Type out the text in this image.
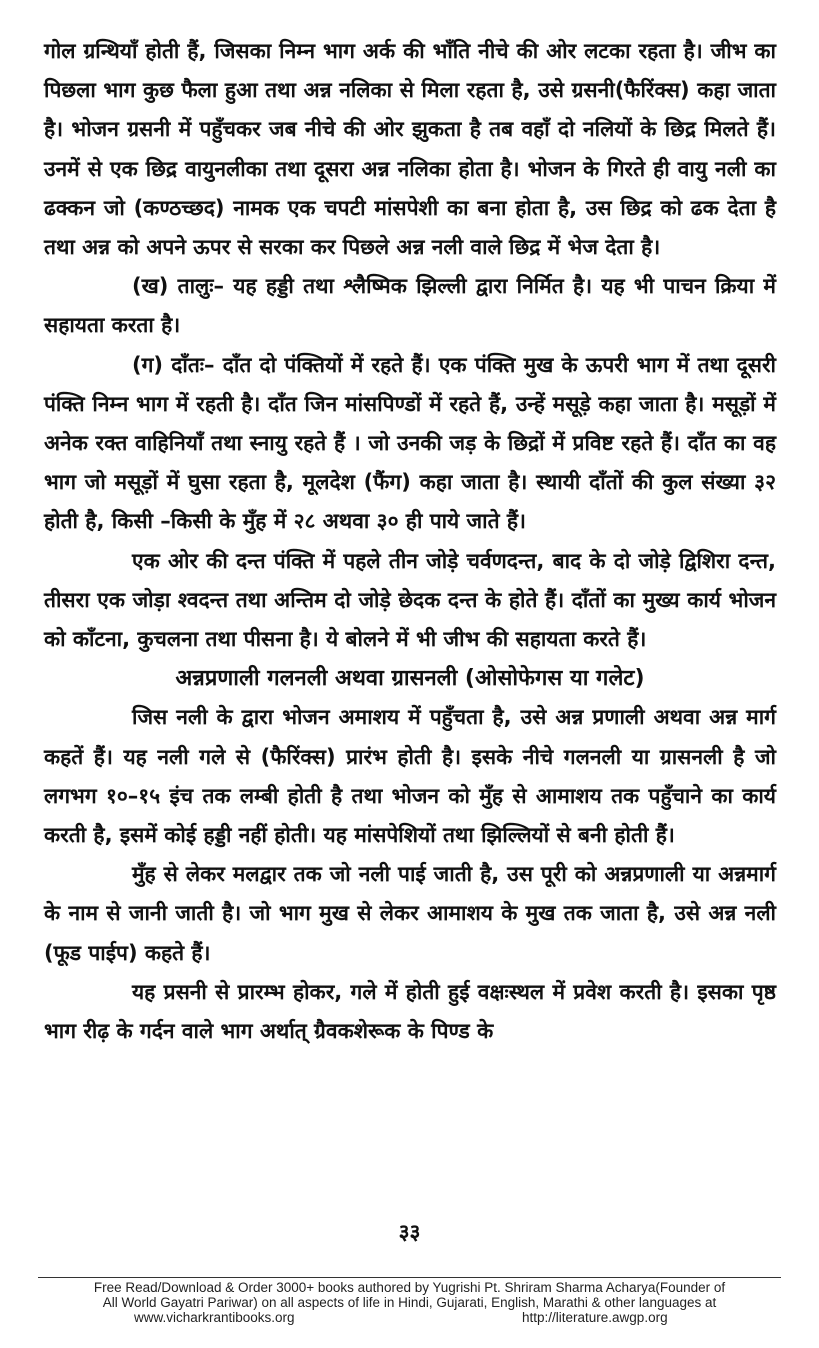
गोल ग्रन्थियाँ होती हैं, जिसका निम्न भाग अर्क की भाँति नीचे की ओर लटका रहता है। जीभ का पिछला भाग कुछ फैला हुआ तथा अन्न नलिका से मिला रहता है, उसे ग्रसनी(फैरिंक्स) कहा जाता है। भोजन ग्रसनी में पहुँचकर जब नीचे की ओर झुकता है तब वहाँ दो नलियों के छिद्र मिलते हैं। उनमें से एक छिद्र वायुनलीका तथा दूसरा अन्न नलिका होता है। भोजन के गिरते ही वायु नली का ढक्कन जो (कण्ठच्छद) नामक एक चपटी मांसपेशी का बना होता है, उस छिद्र को ढक देता है तथा अन्न को अपने ऊपर से सरका कर पिछले अन्न नली वाले छिद्र में भेज देता है।

(ख) तालुः– यह हड्डी तथा श्लैष्मिक झिल्ली द्वारा निर्मित है। यह भी पाचन क्रिया में सहायता करता है।

(ग) दाँतः– दाँत दो पंक्तियों में रहते हैं। एक पंक्ति मुख के ऊपरी भाग में तथा दूसरी पंक्ति निम्न भाग में रहती है। दाँत जिन मांसपिण्डों में रहते हैं, उन्हें मसूड़े कहा जाता है। मसूड़ों में अनेक रक्त वाहिनियाँ तथा स्नायु रहते हैं । जो उनकी जड़ के छिद्रों में प्रविष्ट रहते हैं। दाँत का वह भाग जो मसूड़ों में घुसा रहता है, मूलदेश (फैंग) कहा जाता है। स्थायी दाँतों की कुल संख्या ३२ होती है, किसी –किसी के मुँह में २८ अथवा ३० ही पाये जाते हैं।

एक ओर की दन्त पंक्ति में पहले तीन जोड़े चर्वणदन्त, बाद के दो जोड़े द्विशिरा दन्त, तीसरा एक जोड़ा श्वदन्त तथा अन्तिम दो जोड़े छेदक दन्त के होते हैं। दाँतों का मुख्य कार्य भोजन को काँटना, कुचलना तथा पीसना है। ये बोलने में भी जीभ की सहायता करते हैं।

अन्नप्रणाली गलनली अथवा ग्रासनली (ओसोफेगस या गलेट)

जिस नली के द्वारा भोजन अमाशय में पहुँचता है, उसे अन्न प्रणाली अथवा अन्न मार्ग कहतें हैं। यह नली गले से (फैरिंक्स) प्रारंभ होती है। इसके नीचे गलनली या ग्रासनली है जो लगभग १०–१५ इंच तक लम्बी होती है तथा भोजन को मुँह से आमाशय तक पहुँचाने का कार्य करती है, इसमें कोई हड्डी नहीं होती। यह मांसपेशियों तथा झिल्लियों से बनी होती हैं।

मुँह से लेकर मलद्वार तक जो नली पाई जाती है, उस पूरी को अन्नप्रणाली या अन्नमार्ग के नाम से जानी जाती है। जो भाग मुख से लेकर आमाशय के मुख तक जाता है, उसे अन्न नली (फूड पाईप) कहते हैं।

यह प्रसनी से प्रारम्भ होकर, गले में होती हुई वक्षःस्थल में प्रवेश करती है। इसका पृष्ठ भाग रीढ़ के गर्दन वाले भाग अर्थात् ग्रैवकशेरूक के पिण्ड के

३३
Free Read/Download & Order 3000+ books authored by Yugrishi Pt. Shriram Sharma Acharya(Founder of
All World Gayatri Pariwar) on all aspects of life in Hindi, Gujarati, English, Marathi & other languages at
www.vicharkrantibooks.org	http://literature.awgp.org
